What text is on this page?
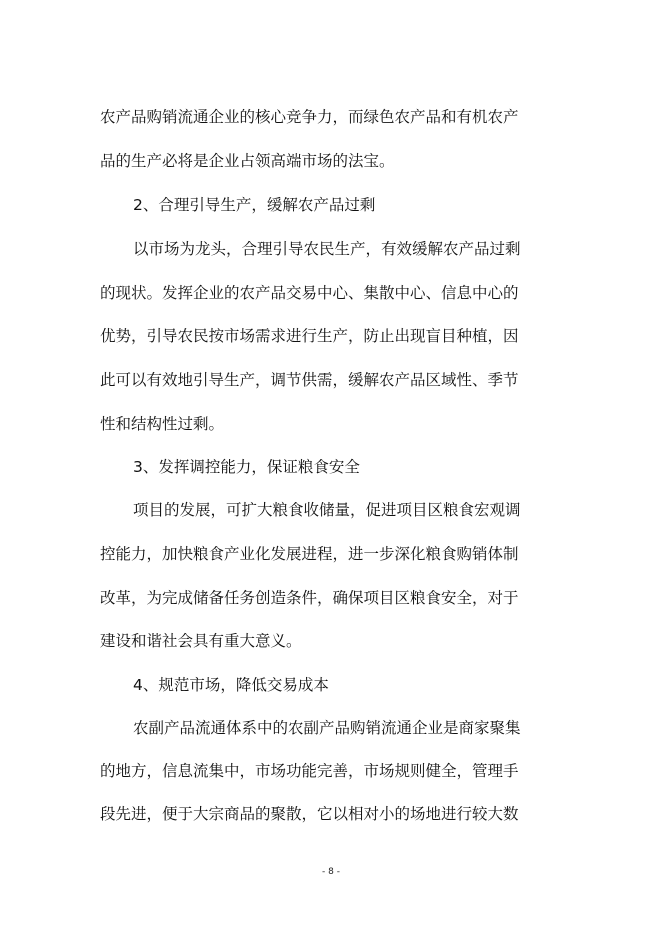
农产品购销流通企业的核心竞争力，而绿色农产品和有机农产
品的生产必将是企业占领高端市场的法宝。
2、合理引导生产，缓解农产品过剩
以市场为龙头，合理引导农民生产，有效缓解农产品过剩
的现状。发挥企业的农产品交易中心、集散中心、信息中心的
优势，引导农民按市场需求进行生产，防止出现盲目种植，因
此可以有效地引导生产，调节供需，缓解农产品区域性、季节
性和结构性过剩。
3、发挥调控能力，保证粮食安全
项目的发展，可扩大粮食收储量，促进项目区粮食宏观调
控能力，加快粮食产业化发展进程，进一步深化粮食购销体制
改革，为完成储备任务创造条件，确保项目区粮食安全，对于
建设和谐社会具有重大意义。
4、规范市场，降低交易成本
农副产品流通体系中的农副产品购销流通企业是商家聚集
的地方，信息流集中，市场功能完善，市场规则健全，管理手
段先进，便于大宗商品的聚散，它以相对小的场地进行较大数
- 8 -
